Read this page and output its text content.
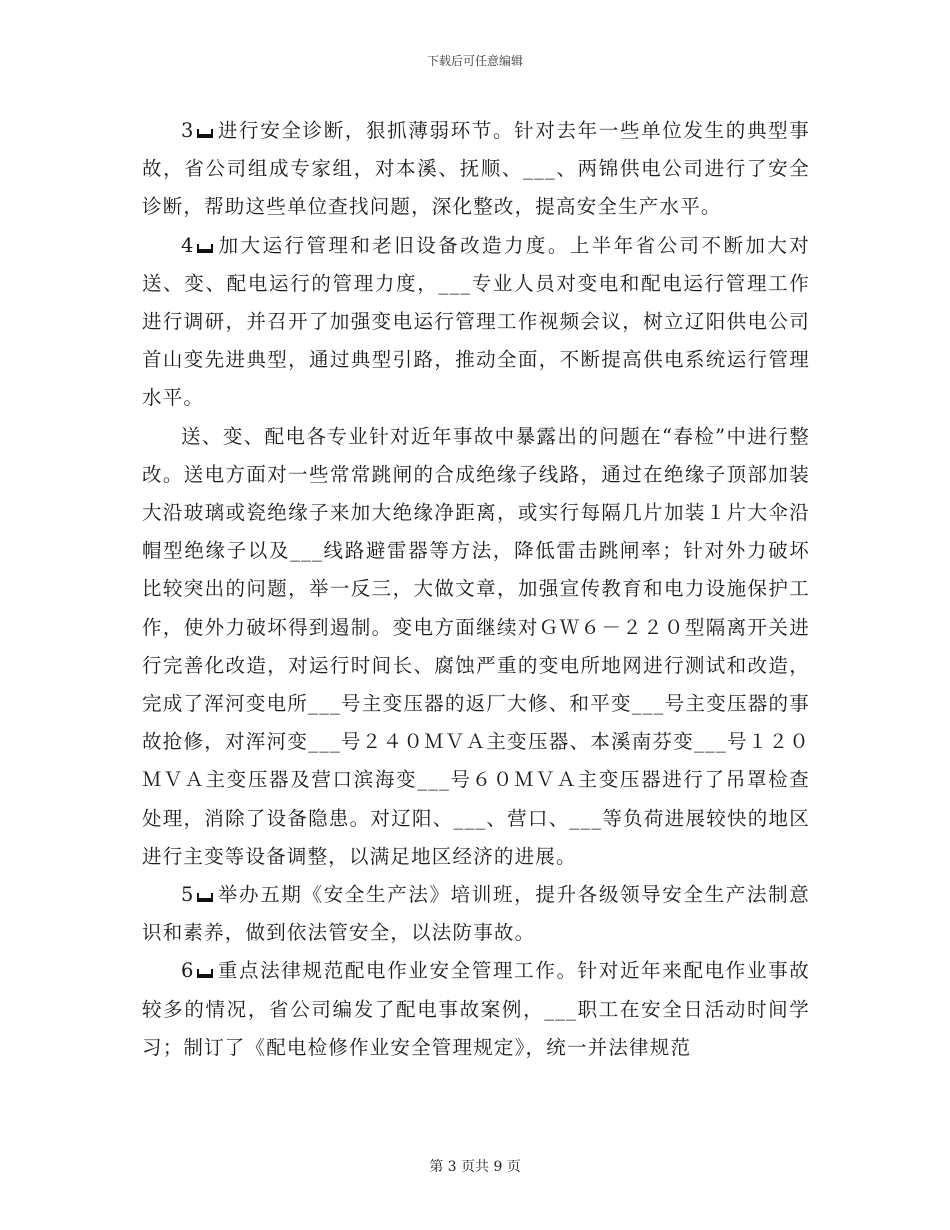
下载后可任意编辑

3 进行安全诊断，狠抓薄弱环节。针对去年一些单位发生的典型事故，省公司组成专家组，对本溪、抚顺、___、两锦供电公司进行了安全诊断，帮助这些单位查找问题，深化整改，提高安全生产水平。

4 加大运行管理和老旧设备改造力度。上半年省公司不断加大对送、变、配电运行的管理力度，___专业人员对变电和配电运行管理工作进行调研，并召开了加强变电运行管理工作视频会议，树立辽阳供电公司首山变先进典型，通过典型引路，推动全面，不断提高供电系统运行管理水平。

送、变、配电各专业针对近年事故中暴露出的问题在“春检”中进行整改。送电方面对一些常常跳闸的合成绝缘子线路，通过在绝缘子顶部加装大沿玻璃或瓷绝缘子来加大绝缘净距离，或实行每隔几片加装１片大伞沿帽型绝缘子以及___线路避雷器等方法，降低雷击跳闸率；针对外力破坏比较突出的问题，举一反三，大做文章，加强宣传教育和电力设施保护工作，使外力破坏得到遏制。变电方面继续对ＧＷ６－２２０型隔离开关进行完善化改造，对运行时间长、腐蚀严重的变电所地网进行测试和改造，完成了浑河变电所___号主变压器的返厂大修、和平变___号主变压器的事故抢修，对浑河变___号２４０ＭＶＡ主变压器、本溪南芬变___号１２０ＭＶＡ主变压器及营口滨海变___号６０ＭＶＡ主变压器进行了吊罩检查处理，消除了设备隐患。对辽阳、___、营口、___等负荷进展较快的地区进行主变等设备调整，以满足地区经济的进展。

5 举办五期《安全生产法》培训班，提升各级领导安全生产法制意识和素养，做到依法管安全，以法防事故。

6 重点法律规范配电作业安全管理工作。针对近年来配电作业事故较多的情况，省公司编发了配电事故案例，___职工在安全日活动时间学习；制订了《配电检修作业安全管理规定》，统一并法律规范

第 3 页共 9 页
